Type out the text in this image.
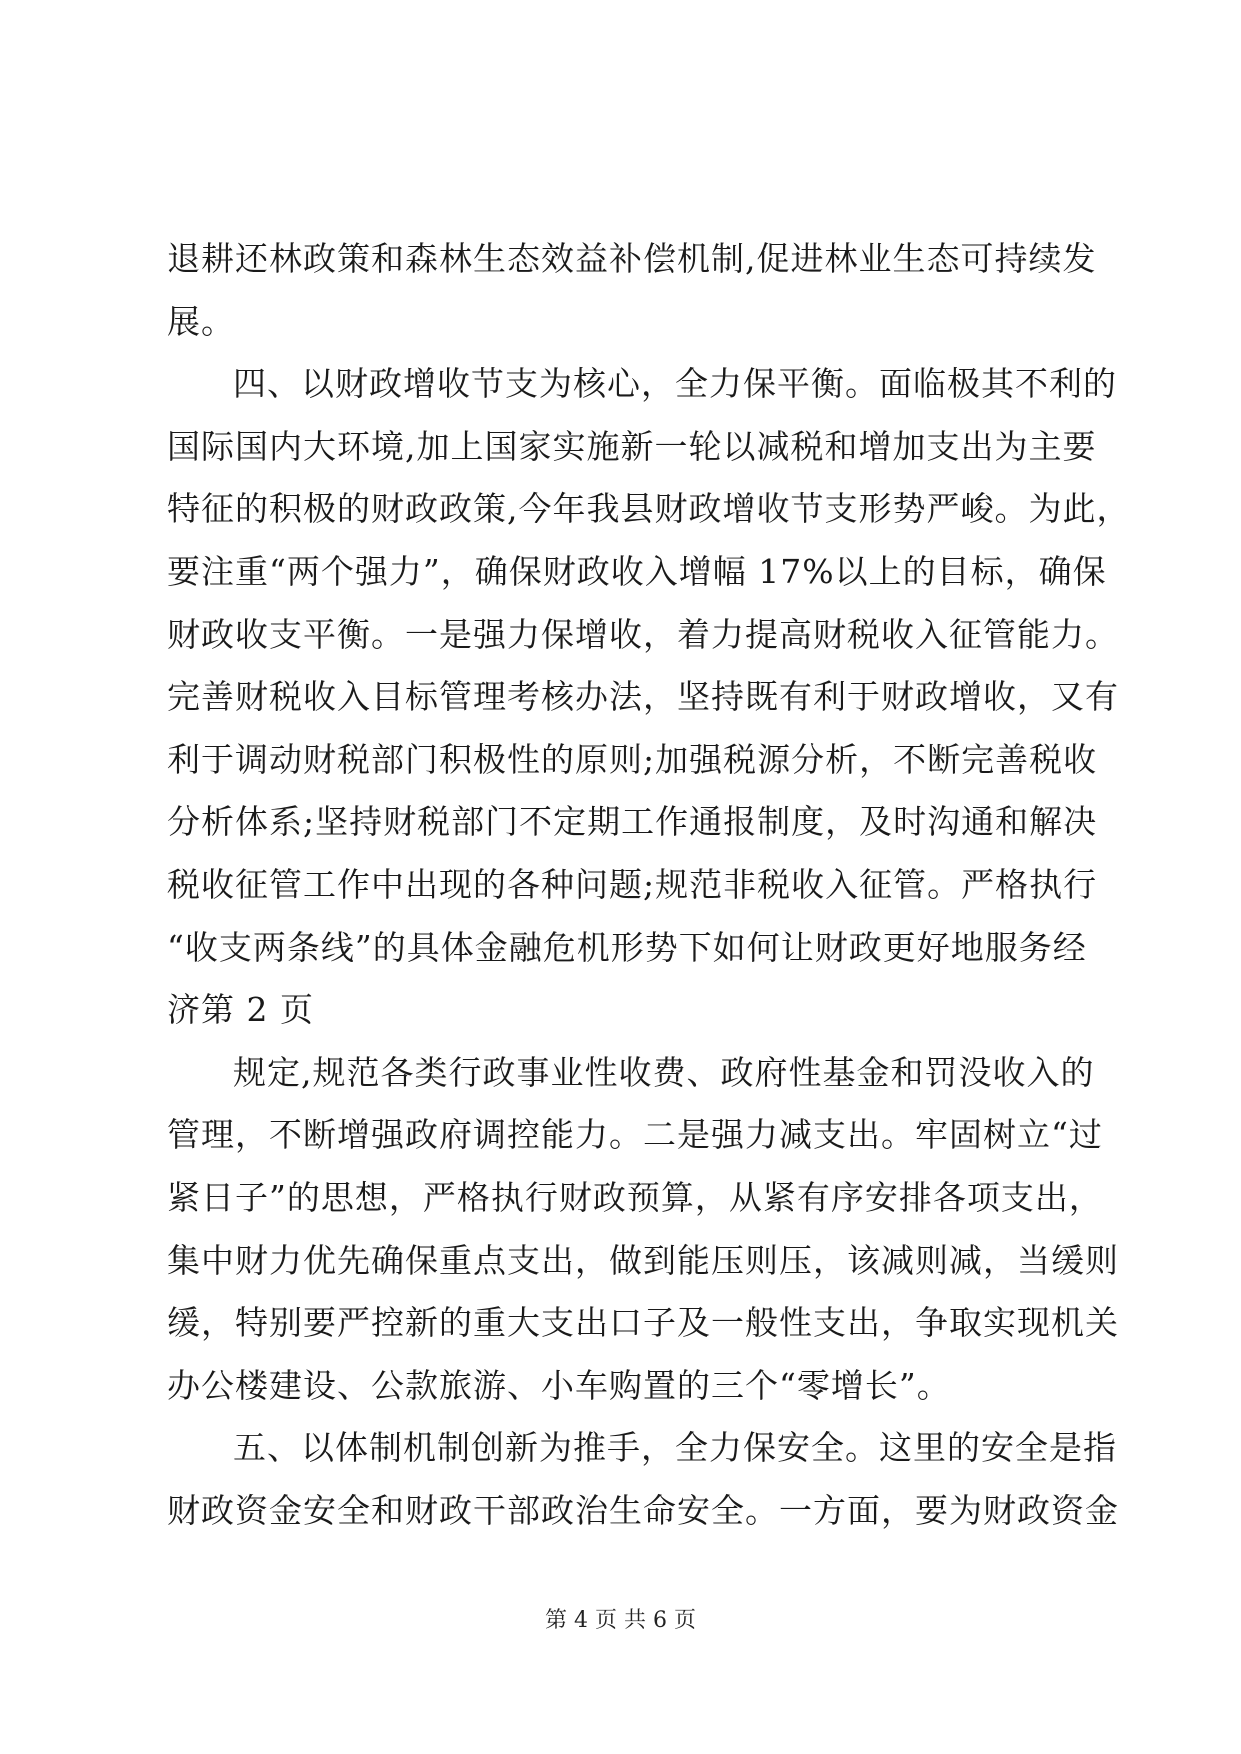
退耕还林政策和森林生态效益补偿机制,促进林业生态可持续发
展。
四、以财政增收节支为核心，全力保平衡。面临极其不利的
国际国内大环境,加上国家实施新一轮以减税和增加支出为主要
特征的积极的财政政策,今年我县财政增收节支形势严峻。为此，
要注重“两个强力”，确保财政收入增幅 17%以上的目标，确保
财政收支平衡。一是强力保增收，着力提高财税收入征管能力。
完善财税收入目标管理考核办法，坚持既有利于财政增收，又有
利于调动财税部门积极性的原则;加强税源分析，不断完善税收
分析体系;坚持财税部门不定期工作通报制度，及时沟通和解决
税收征管工作中出现的各种问题;规范非税收入征管。严格执行
“收支两条线”的具体金融危机形势下如何让财政更好地服务经
济第 2 页
规定,规范各类行政事业性收费、政府性基金和罚没收入的
管理，不断增强政府调控能力。二是强力减支出。牢固树立“过
紧日子”的思想，严格执行财政预算，从紧有序安排各项支出，
集中财力优先确保重点支出，做到能压则压，该减则减，当缓则
缓，特别要严控新的重大支出口子及一般性支出，争取实现机关
办公楼建设、公款旅游、小车购置的三个“零增长”。
五、以体制机制创新为推手，全力保安全。这里的安全是指
财政资金安全和财政干部政治生命安全。一方面，要为财政资金
第 4 页 共 6 页
